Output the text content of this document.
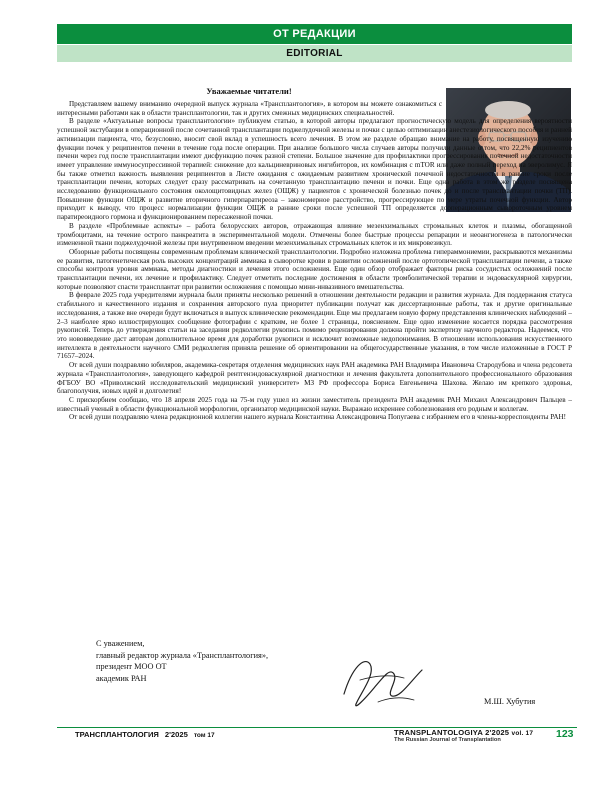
ОТ РЕДАКЦИИ
EDITORIAL
Уважаемые читатели!

Представляем вашему вниманию очередной выпуск журнала «Трансплантология», в котором вы можете ознакомиться с интересными работами как в области трансплантологии, так и других смежных медицинских специальностей.

В разделе «Актуальные вопросы трансплантологии» публикуем статью, в которой авторы предлагают прогностическую модель для определения вероятности успешной экстубации в операционной после сочетанной трансплантации поджелудочной железы и почки с целью оптимизации анестезиологического пособия и ранней активизации пациента, что, безусловно, вносит свой вклад в успешность всего лечения. В этом же разделе обращаю внимание на работу, посвященную изучению функции почек у реципиентов печени в течение года после операции. При анализе большого числа случаев авторы получили данные о том, что 22,2% реципиентов печени через год после трансплантации имеют дисфункцию почек разной степени. Большое значение для профилактики прогрессирования почечной недостаточности имеет управление иммуносупрессивной терапией: снижение доз кальциневриновых ингибиторов, их комбинация с mTOR или даже полный переход на эверолимус. Я бы также отметил важность выявления реципиентов в Листе ожидания с ожидаемым развитием хронической почечной недостаточности в ранние сроки после трансплантации печени, которых следует сразу рассматривать на сочетанную трансплантацию печени и почки. Еще одна работа в этом же разделе посвящена исследованию функционального состояния околощитовидных желез (ОЩЖ) у пациентов с хронической болезнью почек до и после трансплантации почки (ТП). Повышение функции ОЩЖ и развитие вторичного гиперпаратиреоза – закономерное расстройство, прогрессирующее по мере утраты почечной функции. Автор приходит к выводу, что процесс нормализации функции ОЩЖ в ранние сроки после успешной ТП определяется дооперационным сывороточным уровнем паратиреоидного гормона и функционированием пересаженной почки.

В разделе «Проблемные аспекты» – работа белорусских авторов, отражающая влияние мезенхимальных стромальных клеток и плазмы, обогащенной тромбоцитами, на течение острого панкреатита в экспериментальной модели. Отмечены более быстрые процессы репарации и неоангиогенеза в патологически измененной ткани поджелудочной железы при внутривенном введении мезенхимальных стромальных клеток и их микровезикул.

Обзорные работы посвящены современным проблемам клинической трансплантологии. Подробно изложена проблема гипераммониемии, раскрываются механизмы ее развития, патогенетическая роль высоких концентраций аммиака в сыворотке крови в развитии осложнений после ортотопической трансплантации печени, а также способы контроля уровня аммиака, методы диагностики и лечения этого осложнения. Еще один обзор отображает факторы риска сосудистых осложнений после трансплантации печени, их лечение и профилактику. Следует отметить последние достижения в области тромболитической терапии и эндоваскулярной хирургии, которые позволяют спасти трансплантат при развитии осложнения с помощью мини-инвазивного вмешательства.

В феврале 2025 года учредителями журнала были приняты несколько решений в отношении деятельности редакции и развития журнала. Для поддержания статуса стабильного и качественного издания и сохранения авторского пула приоритет публикации получат как диссертационные работы, так и другие оригинальные исследования, а также вне очереди будут включаться в выпуск клинические рекомендации. Еще мы предлагаем новую форму представления клинических наблюдений – 2–3 наиболее ярко иллюстрирующих сообщение фотографии с кратким, не более 1 страницы, пояснением. Еще одно изменение косается порядка рассмотрения рукописей. Теперь до утверждения статьи на заседании редколлегии рукопись помимо рецензирования должна пройти экспертизу научного редактора. Надеемся, что это нововведение даст авторам дополнительное время для доработки рукописи и исключит возможные недопонимания. В отношении использования искусственного интеллекта в деятельности научного СМИ редколлегия приняла решение об ориентировании на общегосударственные указания, в том числе изложенные в ГОСТ Р 71657–2024.

От всей души поздравляю юбиляров, академика-секретаря отделения медицинских наук РАН академика РАН Владимира Ивановича Стародубова и члена редсовета журнала «Трансплантология», заведующего кафедрой рентгенэндоваскулярной диагностики и лечения факультета дополнительного профессионального образования ФГБОУ ВО «Приволжский исследовательский медицинский университет» МЗ РФ профессора Бориса Евгеньевича Шахова. Желаю им крепкого здоровья, благополучия, новых идей и долголетия!

С прискорбием сообщаю, что 18 апреля 2025 года на 75-м году ушел из жизни заместитель президента РАН академик РАН Михаил Александрович Пальцев – известный ученый в области функциональной морфологии, организатор медицинской науки. Выражаю искреннее соболезнования его родным и коллегам.

От всей души поздравляю члена редакционной коллегии нашего журнала Константина Александровича Попугаева с избранием его в члены-корреспонденты РАН!

С уважением,
главный редактор журнала «Трансплантология»,
президент МОО ОТ
академик РАН
М.Ш. Хубутия
ТРАНСПЛАНТОЛОГИЯ 2'2025 том 17	TRANSPLANTOLOGIYA 2'2025 vol. 17
The Russian Journal of Transplantation	123
